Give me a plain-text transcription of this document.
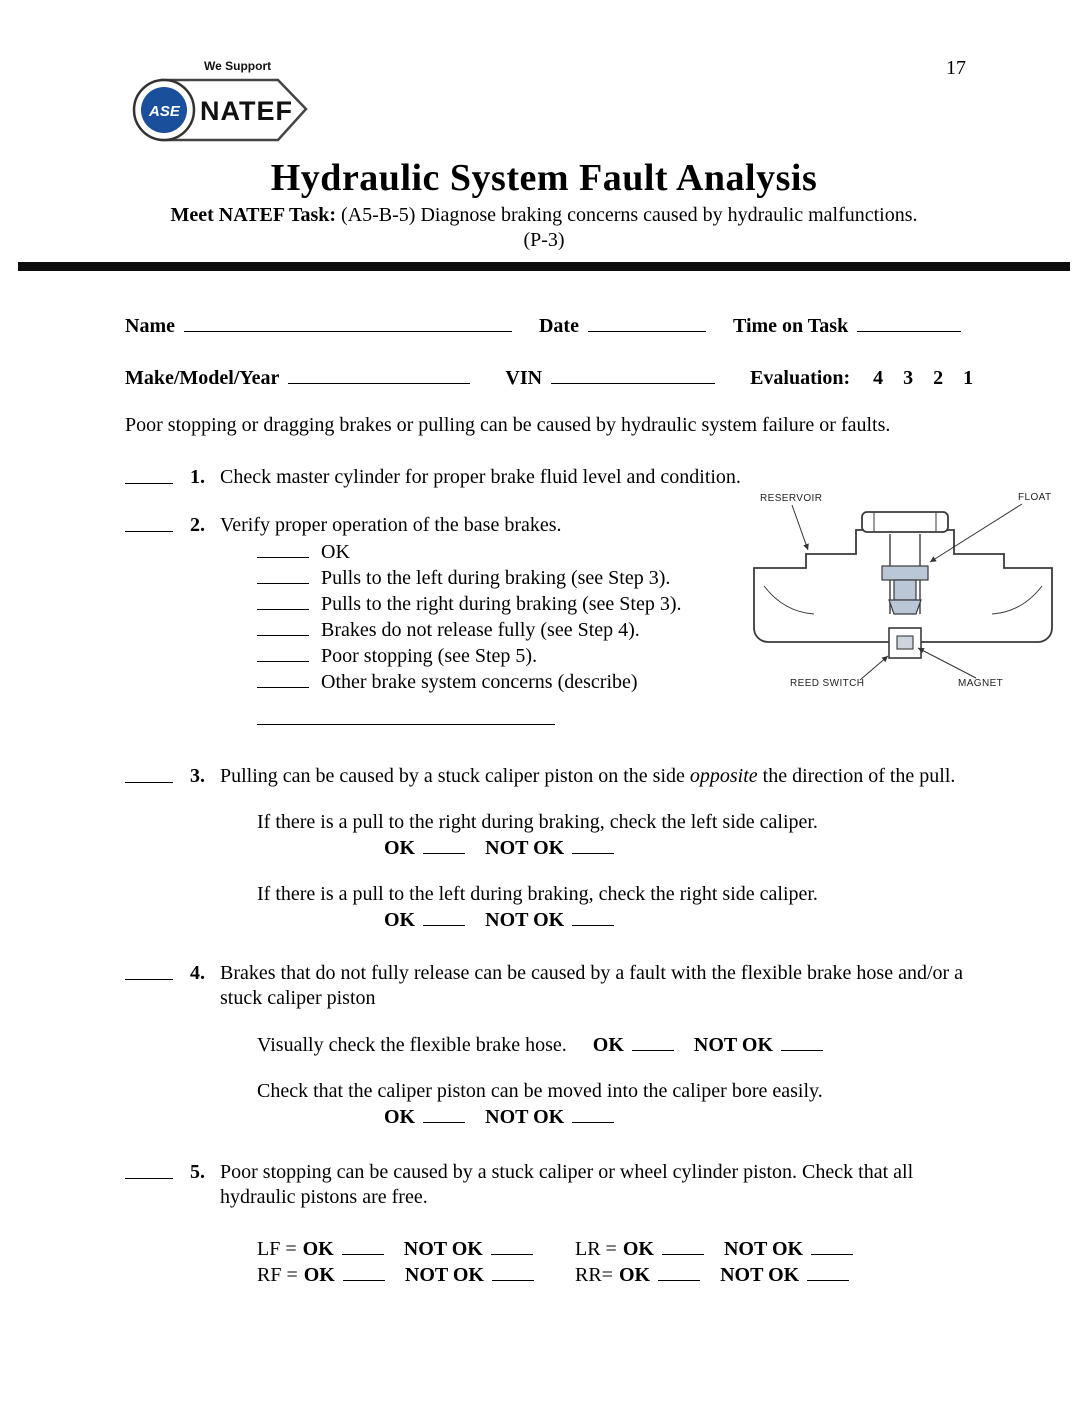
17
We Support
ASE NATEF
Hydraulic System Fault Analysis
Meet NATEF Task: (A5-B-5) Diagnose braking concerns caused by hydraulic malfunctions.
(P-3)
Name	Date	Time on Task
Make/Model/Year	VIN	Evaluation: 4    3    2    1
Poor stopping or dragging brakes or pulling can be caused by hydraulic system failure or faults.
1. Check master cylinder for proper brake fluid level and condition.
2. Verify proper operation of the base brakes.
OK
Pulls to the left during braking (see Step 3).
Pulls to the right during braking (see Step 3).
Brakes do not release fully (see Step 4).
Poor stopping (see Step 5).
Other brake system concerns (describe)
3. Pulling can be caused by a stuck caliper piston on the side opposite the direction of the pull.
If there is a pull to the right during braking, check the left side caliper.
OK	NOT OK
If there is a pull to the left during braking, check the right side caliper.
OK	NOT OK
4. Brakes that do not fully release can be caused by a fault with the flexible brake hose and/or a stuck caliper piston
Visually check the flexible brake hose. OK	NOT OK
Check that the caliper piston can be moved into the caliper bore easily.
OK	NOT OK
5. Poor stopping can be caused by a stuck caliper or wheel cylinder piston. Check that all hydraulic pistons are free.
LF = OK	NOT OK	LR = OK	NOT OK
RF = OK	NOT OK	RR= OK	NOT OK
RESERVOIR	FLOAT
REED SWITCH	MAGNET
